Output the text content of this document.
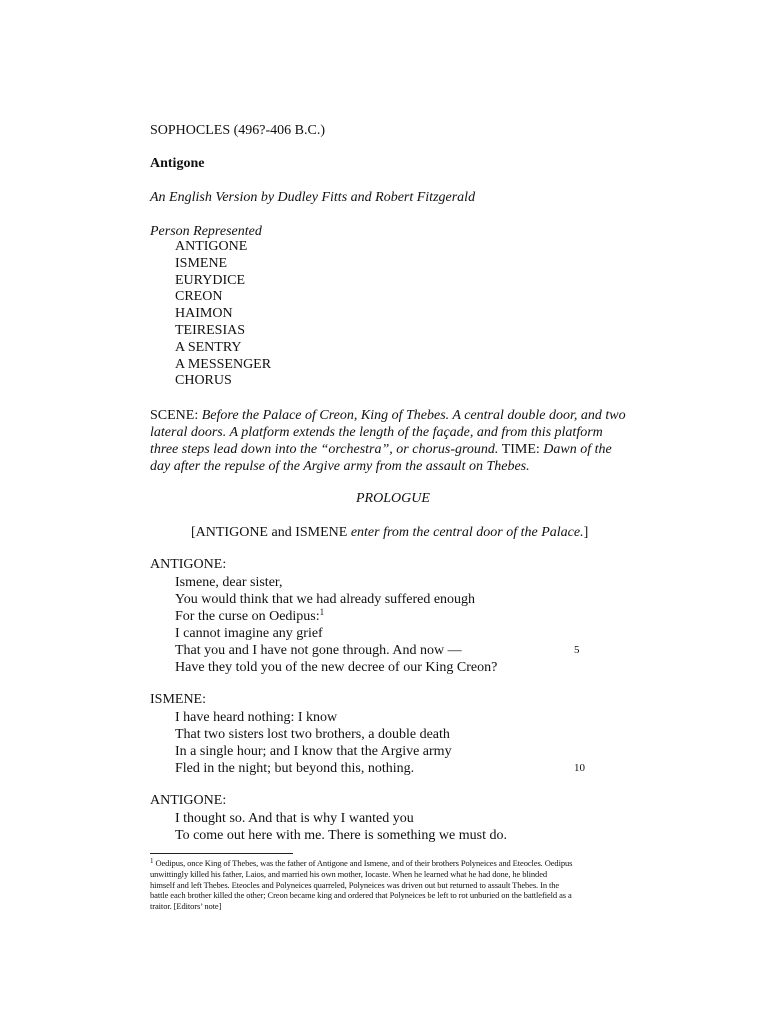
SOPHOCLES (496?-406 B.C.)
Antigone
An English Version by Dudley Fitts and Robert Fitzgerald
Person Represented
ANTIGONE
ISMENE
EURYDICE
CREON
HAIMON
TEIRESIAS
A SENTRY
A MESSENGER
CHORUS
SCENE: Before the Palace of Creon, King of Thebes. A central double door, and two
lateral doors. A platform extends the length of the façade, and from this platform
three steps lead down into the “orchestra”, or chorus-ground. TIME: Dawn of the
day after the repulse of the Argive army from the assault on Thebes.
PROLOGUE
[ANTIGONE and ISMENE enter from the central door of the Palace.]
ANTIGONE:
Ismene, dear sister,
You would think that we had already suffered enough
For the curse on Oedipus:$^1$
I cannot imagine any grief
That you and I have not gone through. And now —
Have they told you of the new decree of our King Creon?
5
ISMENE:
I have heard nothing: I know
That two sisters lost two brothers, a double death
In a single hour; and I know that the Argive army
Fled in the night; but beyond this, nothing.	10
ANTIGONE:
I thought so. And that is why I wanted you
To come out here with me. There is something we must do.
$^1$ Oedipus, once King of Thebes, was the father of Antigone and Ismene, and of their brothers Polyneices and Eteocles. Oedipus
unwittingly killed his father, Laios, and married his own mother, Iocaste. When he learned what he had done, he blinded
himself and left Thebes. Eteocles and Polyneices quarreled, Polyneices was driven out but returned to assault Thebes. In the
battle each brother killed the other; Creon became king and ordered that Polyneices be left to rot unburied on the battlefield as a
traitor. [Editors’ note]
